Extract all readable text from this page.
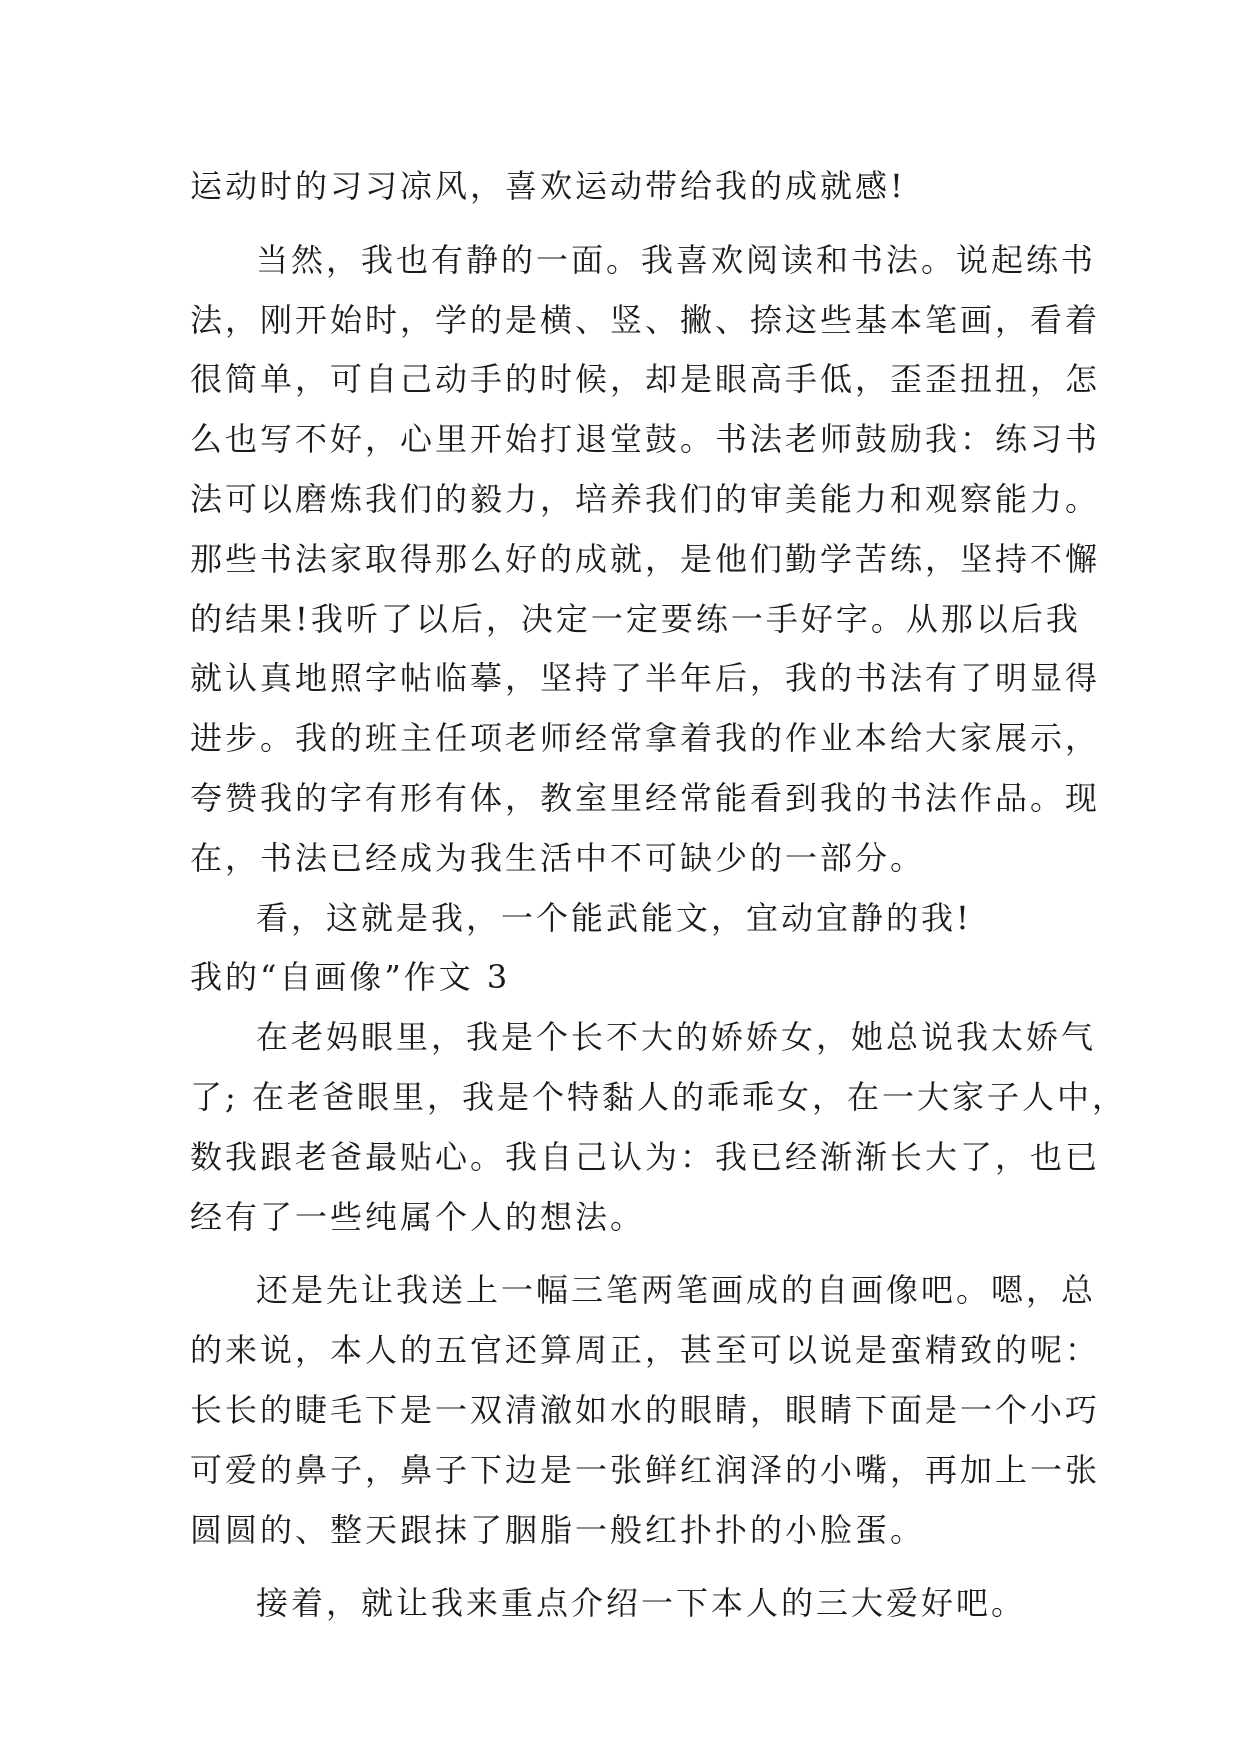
运动时的习习凉风，喜欢运动带给我的成就感!
当然，我也有静的一面。我喜欢阅读和书法。说起练书
法，刚开始时，学的是横、竖、撇、捺这些基本笔画，看着
很简单，可自己动手的时候，却是眼高手低，歪歪扭扭，怎
么也写不好，心里开始打退堂鼓。书法老师鼓励我：练习书
法可以磨炼我们的毅力，培养我们的审美能力和观察能力。
那些书法家取得那么好的成就，是他们勤学苦练，坚持不懈
的结果!我听了以后，决定一定要练一手好字。从那以后我
就认真地照字帖临摹，坚持了半年后，我的书法有了明显得
进步。我的班主任项老师经常拿着我的作业本给大家展示，
夸赞我的字有形有体，教室里经常能看到我的书法作品。现
在，书法已经成为我生活中不可缺少的一部分。
看，这就是我，一个能武能文，宜动宜静的我!
我的“自画像”作文 3
在老妈眼里，我是个长不大的娇娇女，她总说我太娇气
了; 在老爸眼里，我是个特黏人的乖乖女，在一大家子人中，
数我跟老爸最贴心。我自己认为：我已经渐渐长大了，也已
经有了一些纯属个人的想法。
还是先让我送上一幅三笔两笔画成的自画像吧。嗯，总
的来说，本人的五官还算周正，甚至可以说是蛮精致的呢：
长长的睫毛下是一双清澈如水的眼睛，眼睛下面是一个小巧
可爱的鼻子，鼻子下边是一张鲜红润泽的小嘴，再加上一张
圆圆的、整天跟抹了胭脂一般红扑扑的小脸蛋。
接着，就让我来重点介绍一下本人的三大爱好吧。
